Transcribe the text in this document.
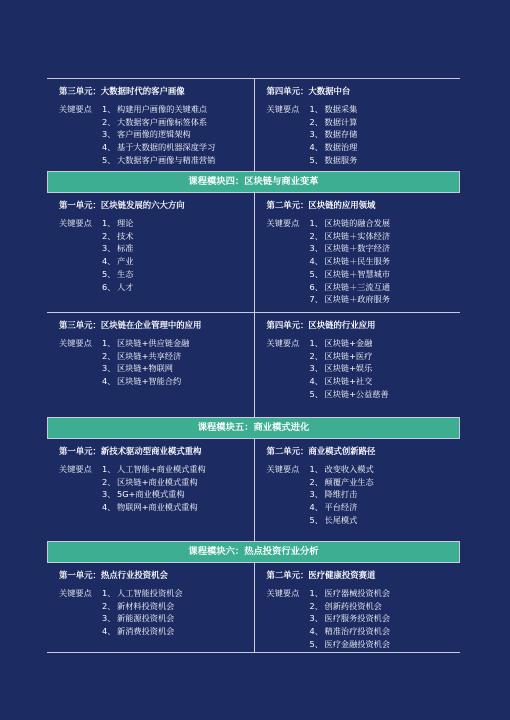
第三单元：大数据时代的客户画像
关键要点	1、 构建用户画像的关键难点
2、 大数据客户画像标签体系
3、 客户画像的逻辑架构
4、 基于大数据的机器深度学习
5、 大数据客户画像与精准营销
第四单元：大数据中台
关键要点	1、 数据采集
2、 数据计算
3、 数据存储
4、 数据治理
5、 数据服务
课程模块四：区块链与商业变革
第一单元：区块链发展的六大方向
关键要点	1、 理论
2、 技术
3、 标准
4、 产业
5、 生态
6、 人才
第二单元：区块链的应用领域
关键要点	1、 区块链的融合发展
2、 区块链＋实体经济
3、 区块链＋数字经济
4、 区块链＋民生服务
5、 区块链＋智慧城市
6、 区块链＋三流互通
7、 区块链＋政府服务
第三单元：区块链在企业管理中的应用
关键要点	1、 区块链+供应链金融
2、 区块链+共享经济
3、 区块链+物联网
4、 区块链+智能合约
第四单元：区块链的行业应用
关键要点	1、 区块链+金融
2、 区块链+医疗
3、 区块链+娱乐
4、 区块链+社交
5、 区块链+公益慈善
课程模块五：商业模式进化
第一单元：新技术驱动型商业模式重构
关键要点	1、 人工智能+商业模式重构
2、 区块链+商业模式重构
3、 5G+商业模式重构
4、 物联网+商业模式重构
第二单元：商业模式创新路径
关键要点	1、 改变收入模式
2、 颠覆产业生态
3、 降维打击
4、 平台经济
5、 长尾模式
课程模块六：热点投资行业分析
第一单元：热点行业投资机会
关键要点	1、 人工智能投资机会
2、 新材料投资机会
3、 新能源投资机会
4、 新消费投资机会
第二单元：医疗健康投资赛道
关键要点	1、 医疗器械投资机会
2、 创新药投资机会
3、 医疗服务投资机会
4、 精准治疗投资机会
5、 医疗金融投资机会
